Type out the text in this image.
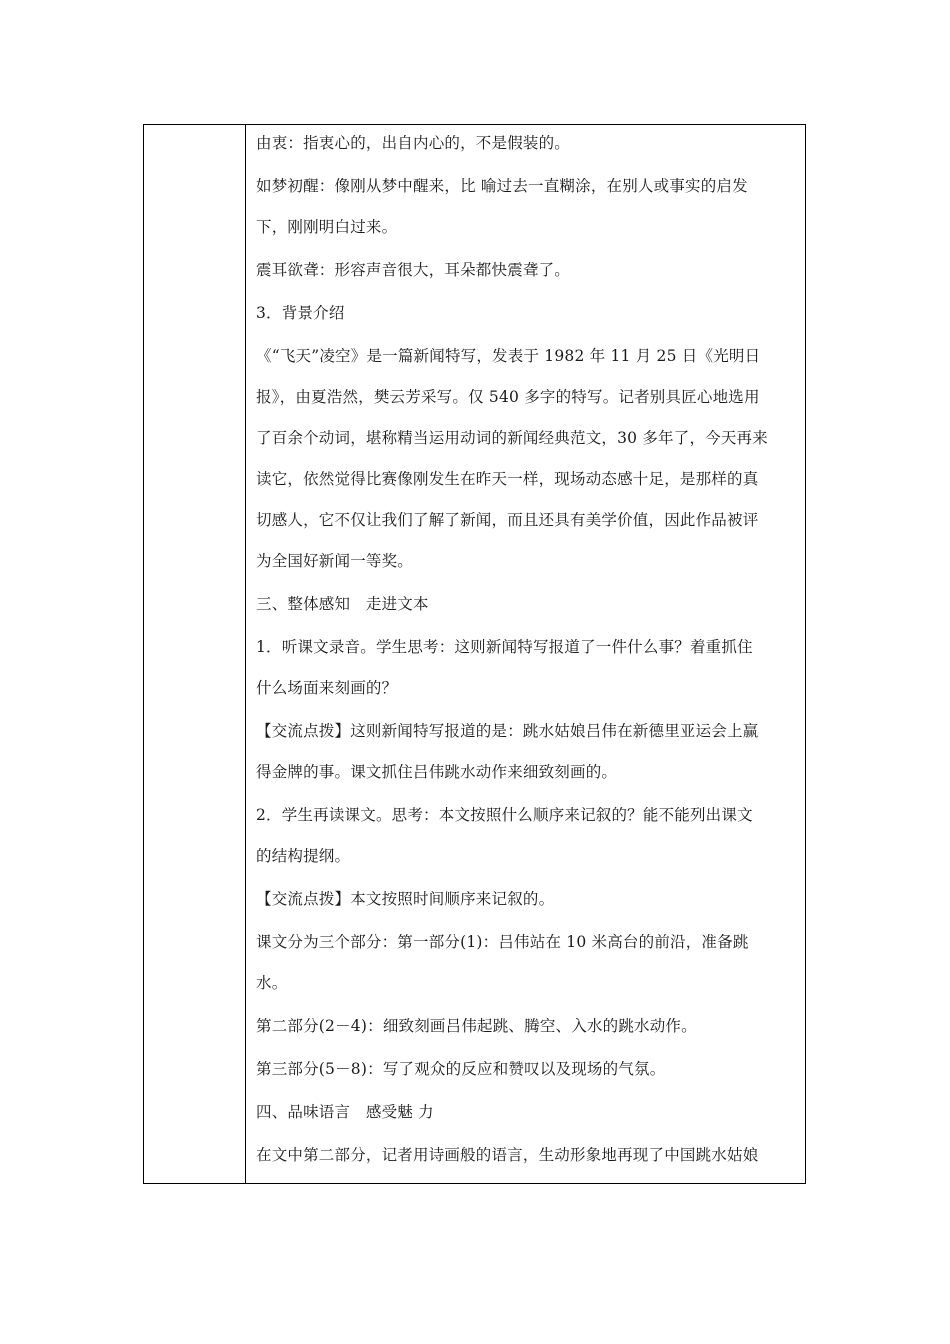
由衷：指衷心的，出自内心的，不是假装的。

如梦初醒：像刚从梦中醒来，比 喻过去一直糊涂，在别人或事实的启发

下，刚刚明白过来。

震耳欲聋：形容声音很大，耳朵都快震聋了。

3．背景介绍

《“飞天”凌空》是一篇新闻特写，发表于 1982 年 11 月 25 日《光明日

报》，由夏浩然，樊云芳采写。仅 540 多字的特写。记者别具匠心地选用

了百余个动词，堪称精当运用动词的新闻经典范文，30 多年了，今天再来

读它，依然觉得比赛像刚发生在昨天一样，现场动态感十足，是那样的真

切感人，它不仅让我们了解了新闻，而且还具有美学价值，因此作品被评

为全国好新闻一等奖。

三、整体感知　走进文本

1．听课文录音。学生思考：这则新闻特写报道了一件什么事？着重抓住

什么场面来刻画的？

【交流点拨】这则新闻特写报道的是：跳水姑娘吕伟在新德里亚运会上赢

得金牌的事。课文抓住吕伟跳水动作来细致刻画的。

2．学生再读课文。思考：本文按照什么顺序来记叙的？能不能列出课文

的结构提纲。

【交流点拨】本文按照时间顺序来记叙的。

课文分为三个部分：第一部分(1)：吕伟站在 10 米高台的前沿，准备跳

水。

第二部分(2－4)：细致刻画吕伟起跳、腾空、入水的跳水动作。

第三部分(5－8)：写了观众的反应和赞叹以及现场的气氛。

四、品味语言　感受魅 力

在文中第二部分，记者用诗画般的语言，生动形象地再现了中国跳水姑娘
